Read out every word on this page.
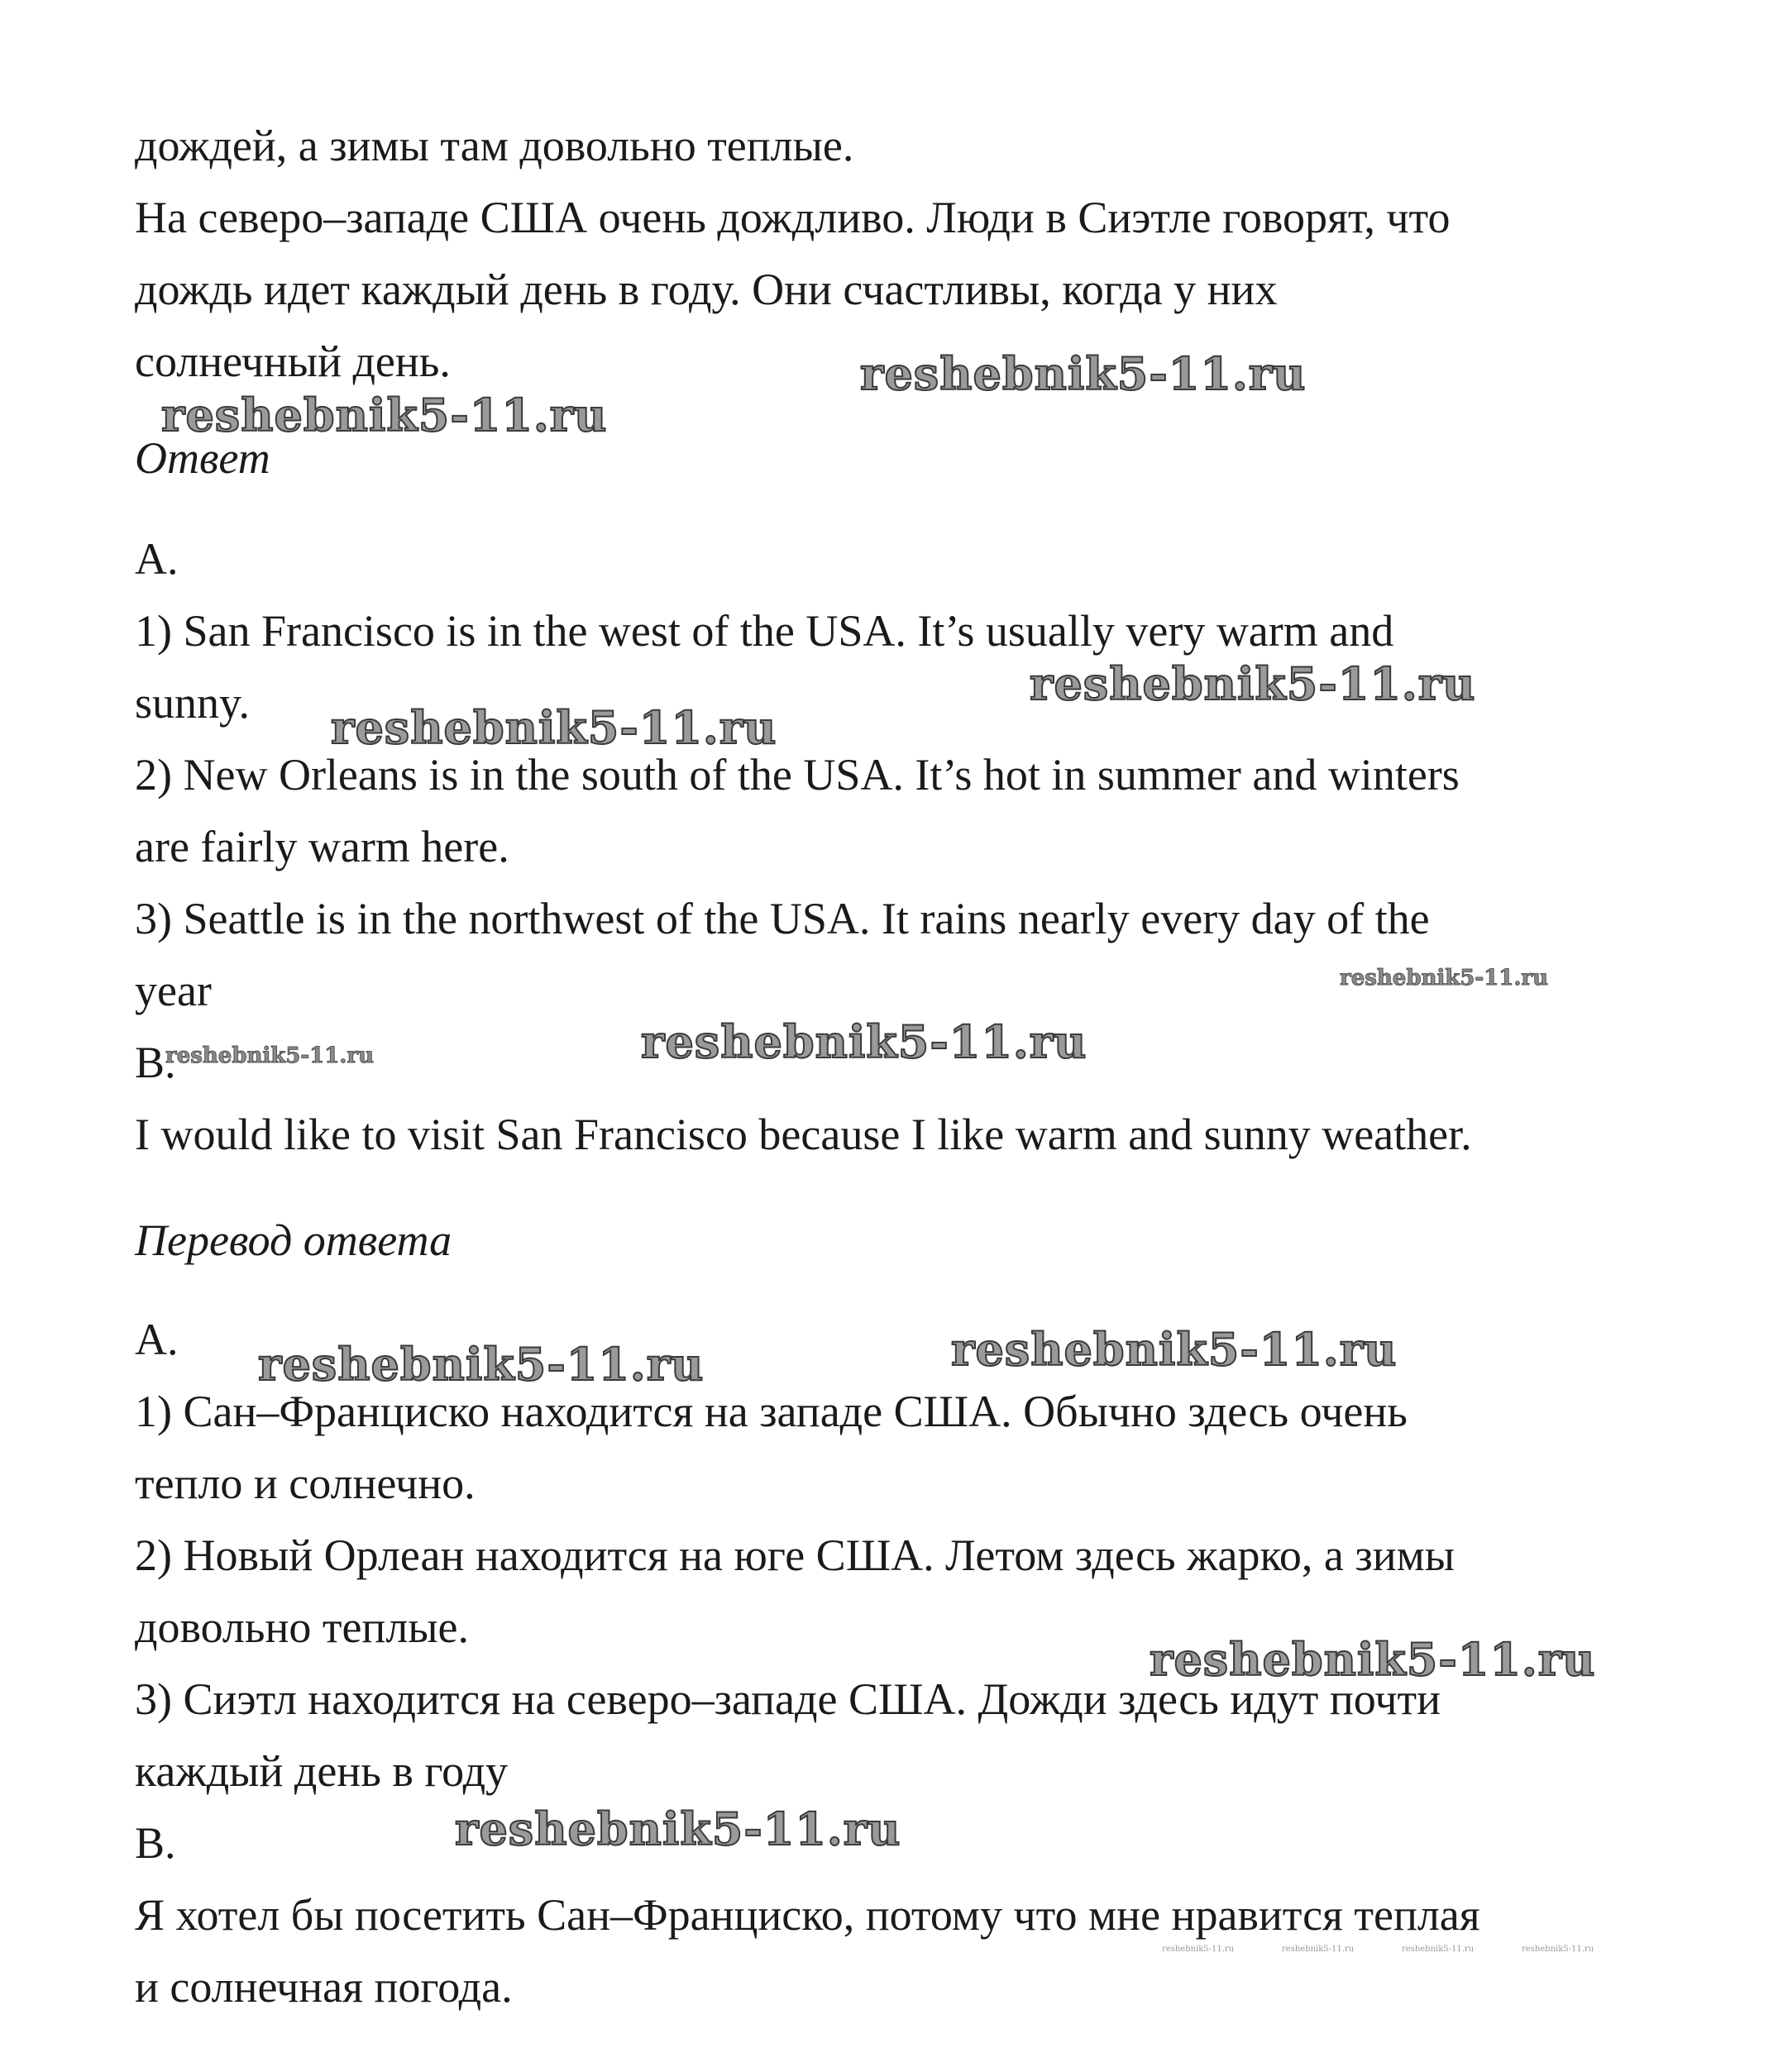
дождей, а зимы там довольно теплые.
На северо–западе США очень дождливо. Люди в Сиэтле говорят, что
дождь идет каждый день в году. Они счастливы, когда у них
солнечный день.
Ответ
A.
1) San Francisco is in the west of the USA. It’s usually very warm and
sunny.
2) New Orleans is in the south of the USA. It’s hot in summer and winters
are fairly warm here.
3) Seattle is in the northwest of the USA. It rains nearly every day of the
year
B.
I would like to visit San Francisco because I like warm and sunny weather.
Перевод ответа
A.
1) Сан–Франциско находится на западе США. Обычно здесь очень
тепло и солнечно.
2) Новый Орлеан находится на юге США. Летом здесь жарко, а зимы
довольно теплые.
3) Сиэтл находится на северо–западе США. Дожди здесь идут почти
каждый день в году
B.
Я хотел бы посетить Сан–Франциско, потому что мне нравится теплая
и солнечная погода.
reshebnik5-11.ru
reshebnik5-11.ru
reshebnik5-11.ru
reshebnik5-11.ru
reshebnik5-11.ru
reshebnik5-11.ru
reshebnik5-11.ru
reshebnik5-11.ru
reshebnik5-11.ru
reshebnik5-11.ru
reshebnik5-11.ru
reshebnik5-11.ru	reshebnik5-11.ru	reshebnik5-11.ru	reshebnik5-11.ru
